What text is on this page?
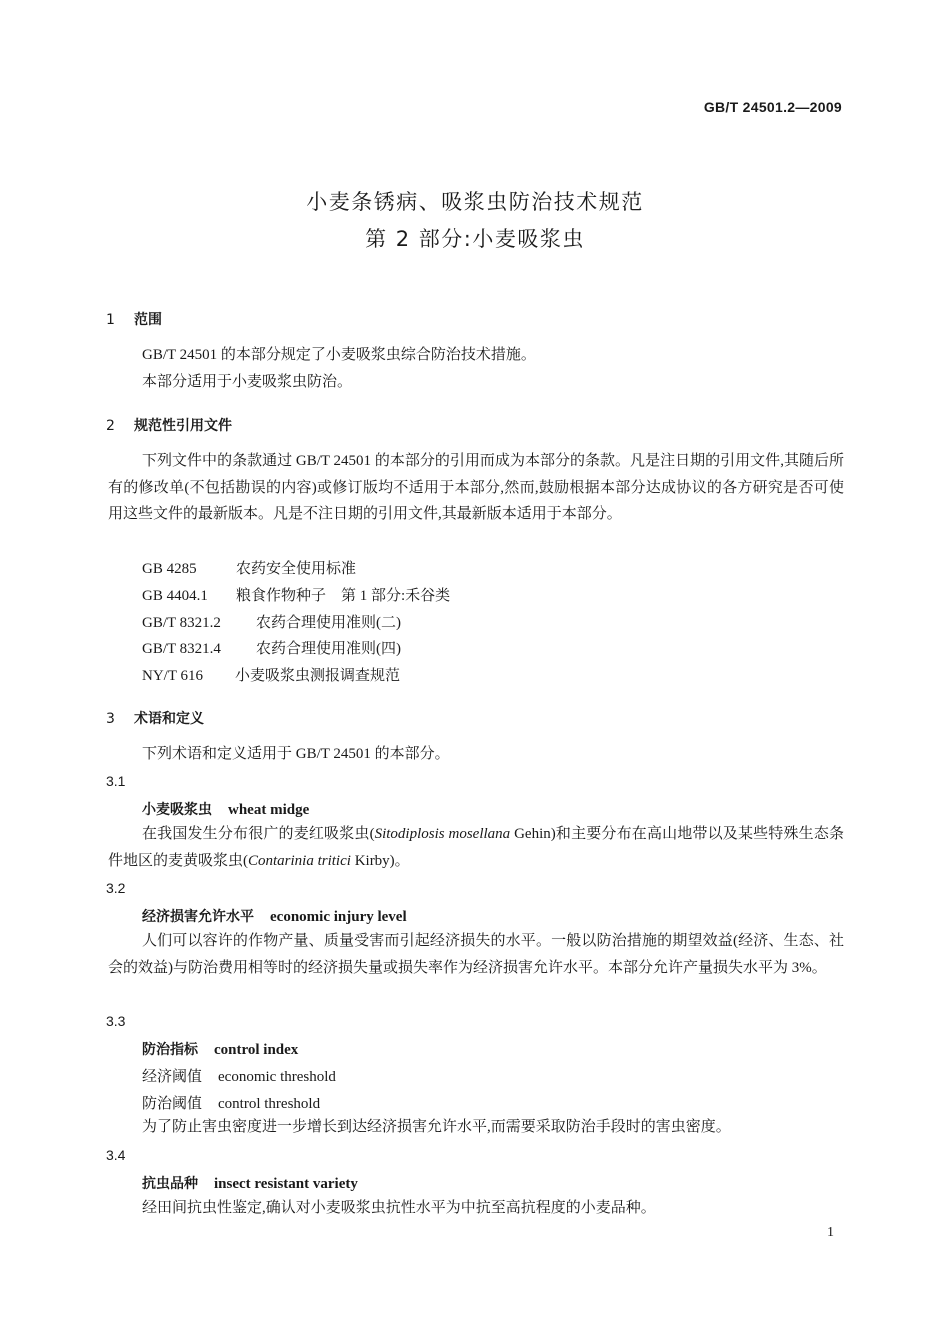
GB/T 24501.2—2009
小麦条锈病、吸浆虫防治技术规范
第 2 部分:小麦吸浆虫
1 范围
GB/T 24501 的本部分规定了小麦吸浆虫综合防治技术措施。
本部分适用于小麦吸浆虫防治。
2 规范性引用文件
下列文件中的条款通过 GB/T 24501 的本部分的引用而成为本部分的条款。凡是注日期的引用文件,其随后所有的修改单(不包括勘误的内容)或修订版均不适用于本部分,然而,鼓励根据本部分达成协议的各方研究是否可使用这些文件的最新版本。凡是不注日期的引用文件,其最新版本适用于本部分。
GB 4285	农药安全使用标准
GB 4404.1 粮食作物种子　第 1 部分:禾谷类
GB/T 8321.2 农药合理使用准则(二)
GB/T 8321.4 农药合理使用准则(四)
NY/T 616 小麦吸浆虫测报调查规范
3 术语和定义
下列术语和定义适用于 GB/T 24501 的本部分。
3.1
小麦吸浆虫 wheat midge
在我国发生分布很广的麦红吸浆虫(Sitodiplosis mosellana Gehin)和主要分布在高山地带以及某些特殊生态条件地区的麦黄吸浆虫(Contarinia tritici Kirby)。
3.2
经济损害允许水平 economic injury level
人们可以容许的作物产量、质量受害而引起经济损失的水平。一般以防治措施的期望效益(经济、生态、社会的效益)与防治费用相等时的经济损失量或损失率作为经济损害允许水平。本部分允许产量损失水平为 3%。
3.3
防治指标 control index
经济阈值 economic threshold
防治阈值 control threshold
为了防止害虫密度进一步增长到达经济损害允许水平,而需要采取防治手段时的害虫密度。
3.4
抗虫品种 insect resistant variety
经田间抗虫性鉴定,确认对小麦吸浆虫抗性水平为中抗至高抗程度的小麦品种。
1
